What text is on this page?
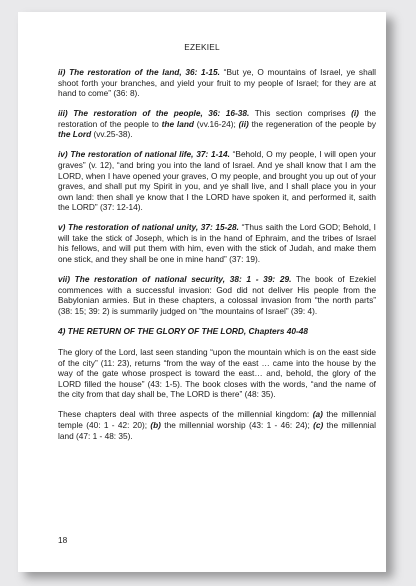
EZEKIEL

ii) The restoration of the land, 36: 1-15. “But ye, O mountains of Israel, ye shall shoot forth your branches, and yield your fruit to my people of Israel; for they are at hand to come” (36: 8).

iii) The restoration of the people, 36: 16-38. This section comprises (i) the restoration of the people to the land (vv.16-24); (ii) the regeneration of the people by the Lord (vv.25-38).

iv) The restoration of national life, 37: 1-14. “Behold, O my people, I will open your graves” (v. 12), “and bring you into the land of Israel. And ye shall know that I am the LORD, when I have opened your graves, O my people, and brought you up out of your graves, and shall put my Spirit in you, and ye shall live, and I shall place you in your own land: then shall ye know that I the LORD have spoken it, and performed it, saith the LORD” (37: 12-14).

v) The restoration of national unity, 37: 15-28. “Thus saith the Lord GOD; Behold, I will take the stick of Joseph, which is in the hand of Ephraim, and the tribes of Israel his fellows, and will put them with him, even with the stick of Judah, and make them one stick, and they shall be one in mine hand” (37: 19).

vii) The restoration of national security, 38: 1 - 39: 29. The book of Ezekiel commences with a successful invasion: God did not deliver His people from the Babylonian armies. But in these chapters, a colossal invasion from “the north parts” (38: 15; 39: 2) is summarily judged on “the mountains of Israel” (39: 4).

4) THE RETURN OF THE GLORY OF THE LORD, Chapters 40-48

The glory of the Lord, last seen standing “upon the mountain which is on the east side of the city” (11: 23), returns “from the way of the east … came into the house by the way of the gate whose prospect is toward the east… and, behold, the glory of the LORD filled the house” (43: 1-5). The book closes with the words, “and the name of the city from that day shall be, The LORD is there” (48: 35).

These chapters deal with three aspects of the millennial kingdom: (a) the millennial temple (40: 1 - 42: 20); (b) the millennial worship (43: 1 - 46: 24); (c) the millennial land (47: 1 - 48: 35).

18
